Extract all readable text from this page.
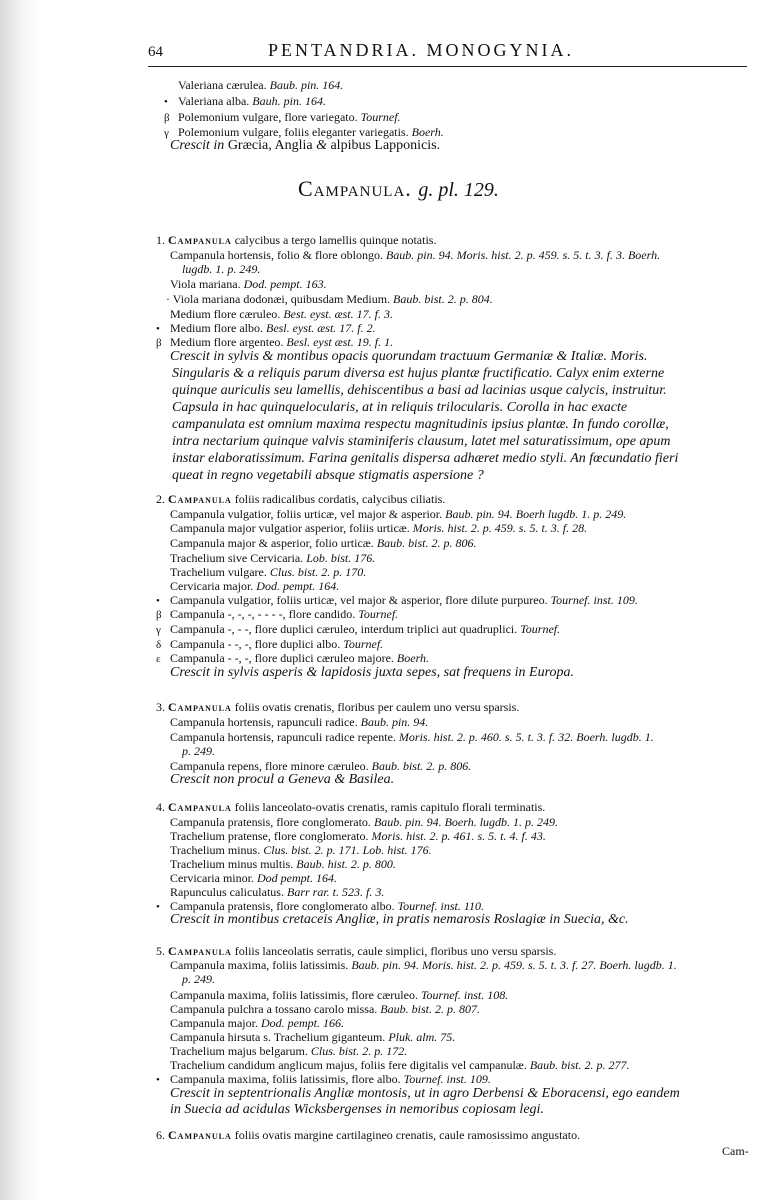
64	PENTANDRIA. MONOGYNIA.
Valeriana cærulea. Baub. pin. 164.
• Valeriana alba. Bauh. pin. 164.
β Polemonium vulgare, flore variegato. Tournef.
γ Polemonium vulgare, foliis eleganter variegatis. Boerh.
Crescit in Græcia, Anglia & alpibus Lapponicis.
Campanula. g. pl. 129.
1. Campanula calycibus a tergo lamellis quinque notatis.
Campanula hortensis, folio & flore oblongo. Baub. pin. 94. Moris. hist. 2. p. 459. s. 5. t. 3. f. 3. Boerh.
lugdb. 1. p. 249.
Viola mariana. Dod. pempt. 163.
· Viola mariana dodonæi, quibusdam Medium. Baub. bist. 2. p. 804.
Medium flore cæruleo. Best. eyst. æst. 17. f. 3.
• Medium flore albo. Besl. eyst. æst. 17. f. 2.
β Medium flore argenteo. Besl. eyst æst. 19. f. 1.
Crescit in sylvis & montibus opacis quorundam tractuum Germaniæ & Italiæ. Moris.
Singularis & a reliquis parum diversa est hujus plantæ fructificatio. Calyx enim externe
quinque auriculis seu lamellis, dehiscentibus a basi ad lacinias usque calycis, instruitur.
Capsula in hac quinquelocularis, at in reliquis trilocularis. Corolla in hac exacte
campanulata est omnium maxima respectu magnitudinis ipsius plantæ. In fundo corollæ,
intra nectarium quinque valvis staminiferis clausum, latet mel saturatissimum, ope apum
instar elaboratissimum. Farina genitalis dispersa adhæret medio styli. An fœcundatio fieri
queat in regno vegetabili absque stigmatis aspersione ?
2. Campanula foliis radicalibus cordatis, calycibus ciliatis.
Campanula vulgatior, foliis urticæ, vel major & asperior. Baub. pin. 94. Boerh lugdb. 1. p. 249.
Campanula major vulgatior asperior, foliis urticæ. Moris. hist. 2. p. 459. s. 5. t. 3. f. 28.
Campanula major & asperior, folio urticæ. Baub. bist. 2. p. 806.
Trachelium sive Cervicaria. Lob. bist. 176.
Trachelium vulgare. Clus. bist. 2. p. 170.
Cervicaria major. Dod. pempt. 164.
• Campanula vulgatior, foliis urticæ, vel major & asperior, flore dilute purpureo. Tournef. inst. 109.
β Campanula -, -, -, - - - -, flore candido. Tournef.
γ Campanula -, - -, flore duplici cæruleo, interdum triplici aut quadruplici. Tournef.
δ Campanula - -, -, flore duplici albo. Tournef.
ε Campanula - -, -, flore duplici cæruleo majore. Boerh.
Crescit in sylvis asperis & lapidosis juxta sepes, sat frequens in Europa.
3. Campanula foliis ovatis crenatis, floribus per caulem uno versu sparsis.
Campanula hortensis, rapunculi radice. Baub. pin. 94.
Campanula hortensis, rapunculi radice repente. Moris. hist. 2. p. 460. s. 5. t. 3. f. 32. Boerh. lugdb. 1.
p. 249.
Campanula repens, flore minore cæruleo. Baub. bist. 2. p. 806.
Crescit non procul a Geneva & Basilea.
4. Campanula foliis lanceolato-ovatis crenatis, ramis capitulo florali terminatis.
Campanula pratensis, flore conglomerato. Baub. pin. 94. Boerh. lugdb. 1. p. 249.
Trachelium pratense, flore conglomerato. Moris. hist. 2. p. 461. s. 5. t. 4. f. 43.
Trachelium minus. Clus. bist. 2. p. 171. Lob. hist. 176.
Trachelium minus multis. Baub. hist. 2. p. 800.
Cervicaria minor. Dod pempt. 164.
Rapunculus caliculatus. Barr rar. t. 523. f. 3.
• Campanula pratensis, flore conglomerato albo. Tournef. inst. 110.
Crescit in montibus cretaceis Angliæ, in pratis nemarosis Roslagiæ in Suecia, &c.
5. Campanula foliis lanceolatis serratis, caule simplici, floribus uno versu sparsis.
Campanula maxima, foliis latissimis. Baub. pin. 94. Moris. hist. 2. p. 459. s. 5. t. 3. f. 27. Boerh. lugdb. 1.
p. 249.
Campanula maxima, foliis latissimis, flore cæruleo. Tournef. inst. 108.
Campanula pulchra a tossano carolo missa. Baub. bist. 2. p. 807.
Campanula major. Dod. pempt. 166.
Campanula hirsuta s. Trachelium giganteum. Pluk. alm. 75.
Trachelium majus belgarum. Clus. bist. 2. p. 172.
Trachelium candidum anglicum majus, foliis fere digitalis vel campanulæ. Baub. bist. 2. p. 277.
• Campanula maxima, foliis latissimis, flore albo. Tournef. inst. 109.
Crescit in septentrionalis Angliæ montosis, ut in agro Derbensi & Eboracensi, ego eandem
in Suecia ad acidulas Wicksbergenses in nemoribus copiosam legi.
6. Campanula foliis ovatis margine cartilagineo crenatis, caule ramosissimo angustato.
Cam-
